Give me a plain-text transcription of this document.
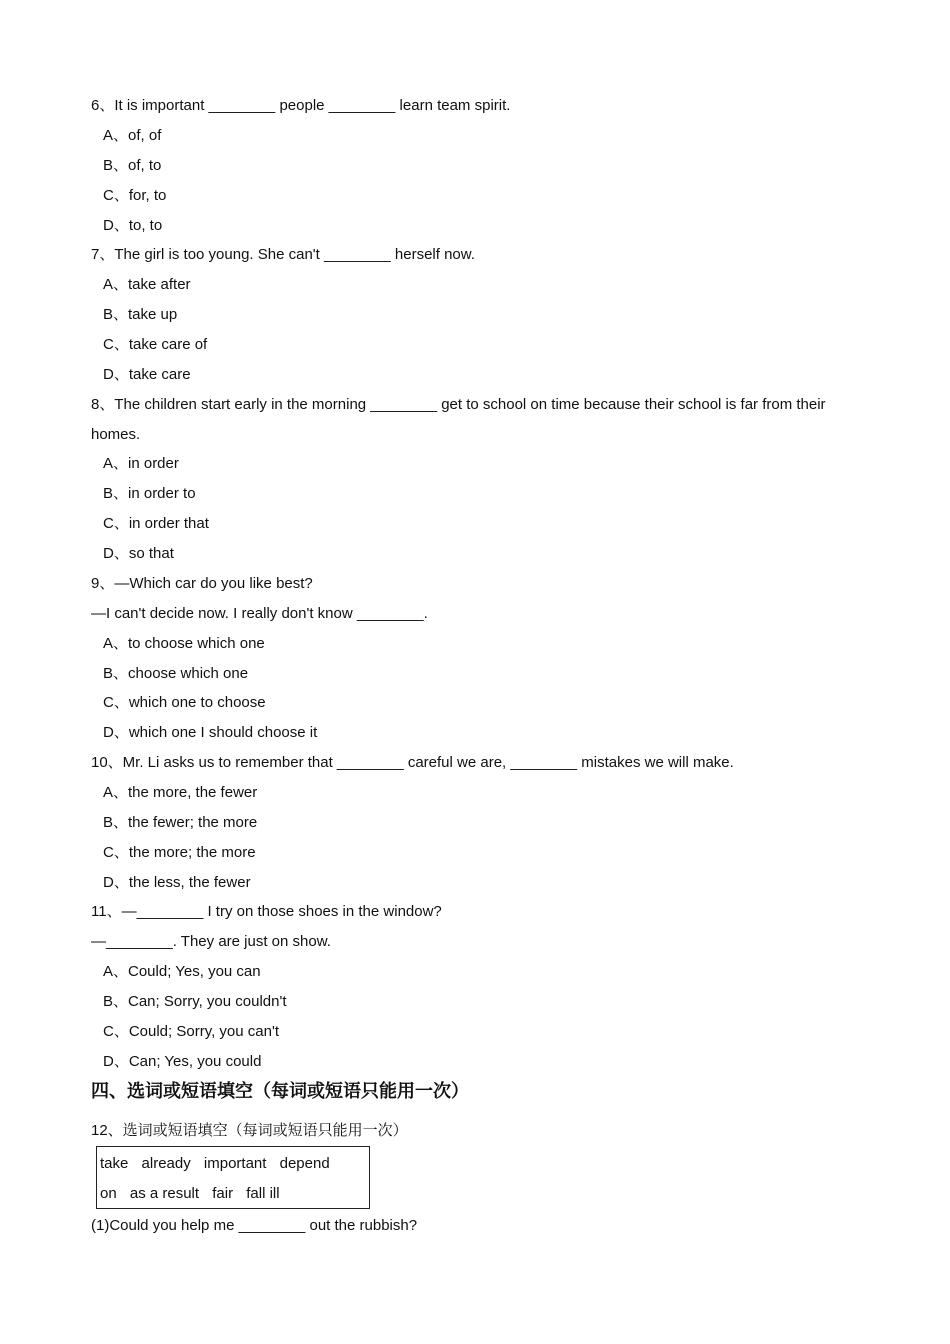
6、It is important ________ people ________ learn team spirit.
A、of, of
B、of, to
C、for, to
D、to, to
7、The girl is too young. She can't ________ herself now.
A、take after
B、take up
C、take care of
D、take care
8、The children start early in the morning ________ get to school on time because their school is far from their
homes.
A、in order
B、in order to
C、in order that
D、so that
9、—Which car do you like best?
—I can't decide now. I really don't know ________.
A、to choose which one
B、choose which one
C、which one to choose
D、which one I should choose it
10、Mr. Li asks us to remember that ________ careful we are, ________ mistakes we will make.
A、the more, the fewer
B、the fewer; the more
C、the more; the more
D、the less, the fewer
11、—________ I try on those shoes in the window?
—________. They are just on show.
A、Could; Yes, you can
B、Can; Sorry, you couldn't
C、Could; Sorry, you can't
D、Can; Yes, you could
四、选词或短语填空（每词或短语只能用一次）
12、选词或短语填空（每词或短语只能用一次）
take already important depend
on as a result fair fall ill
(1)Could you help me ________ out the rubbish?
